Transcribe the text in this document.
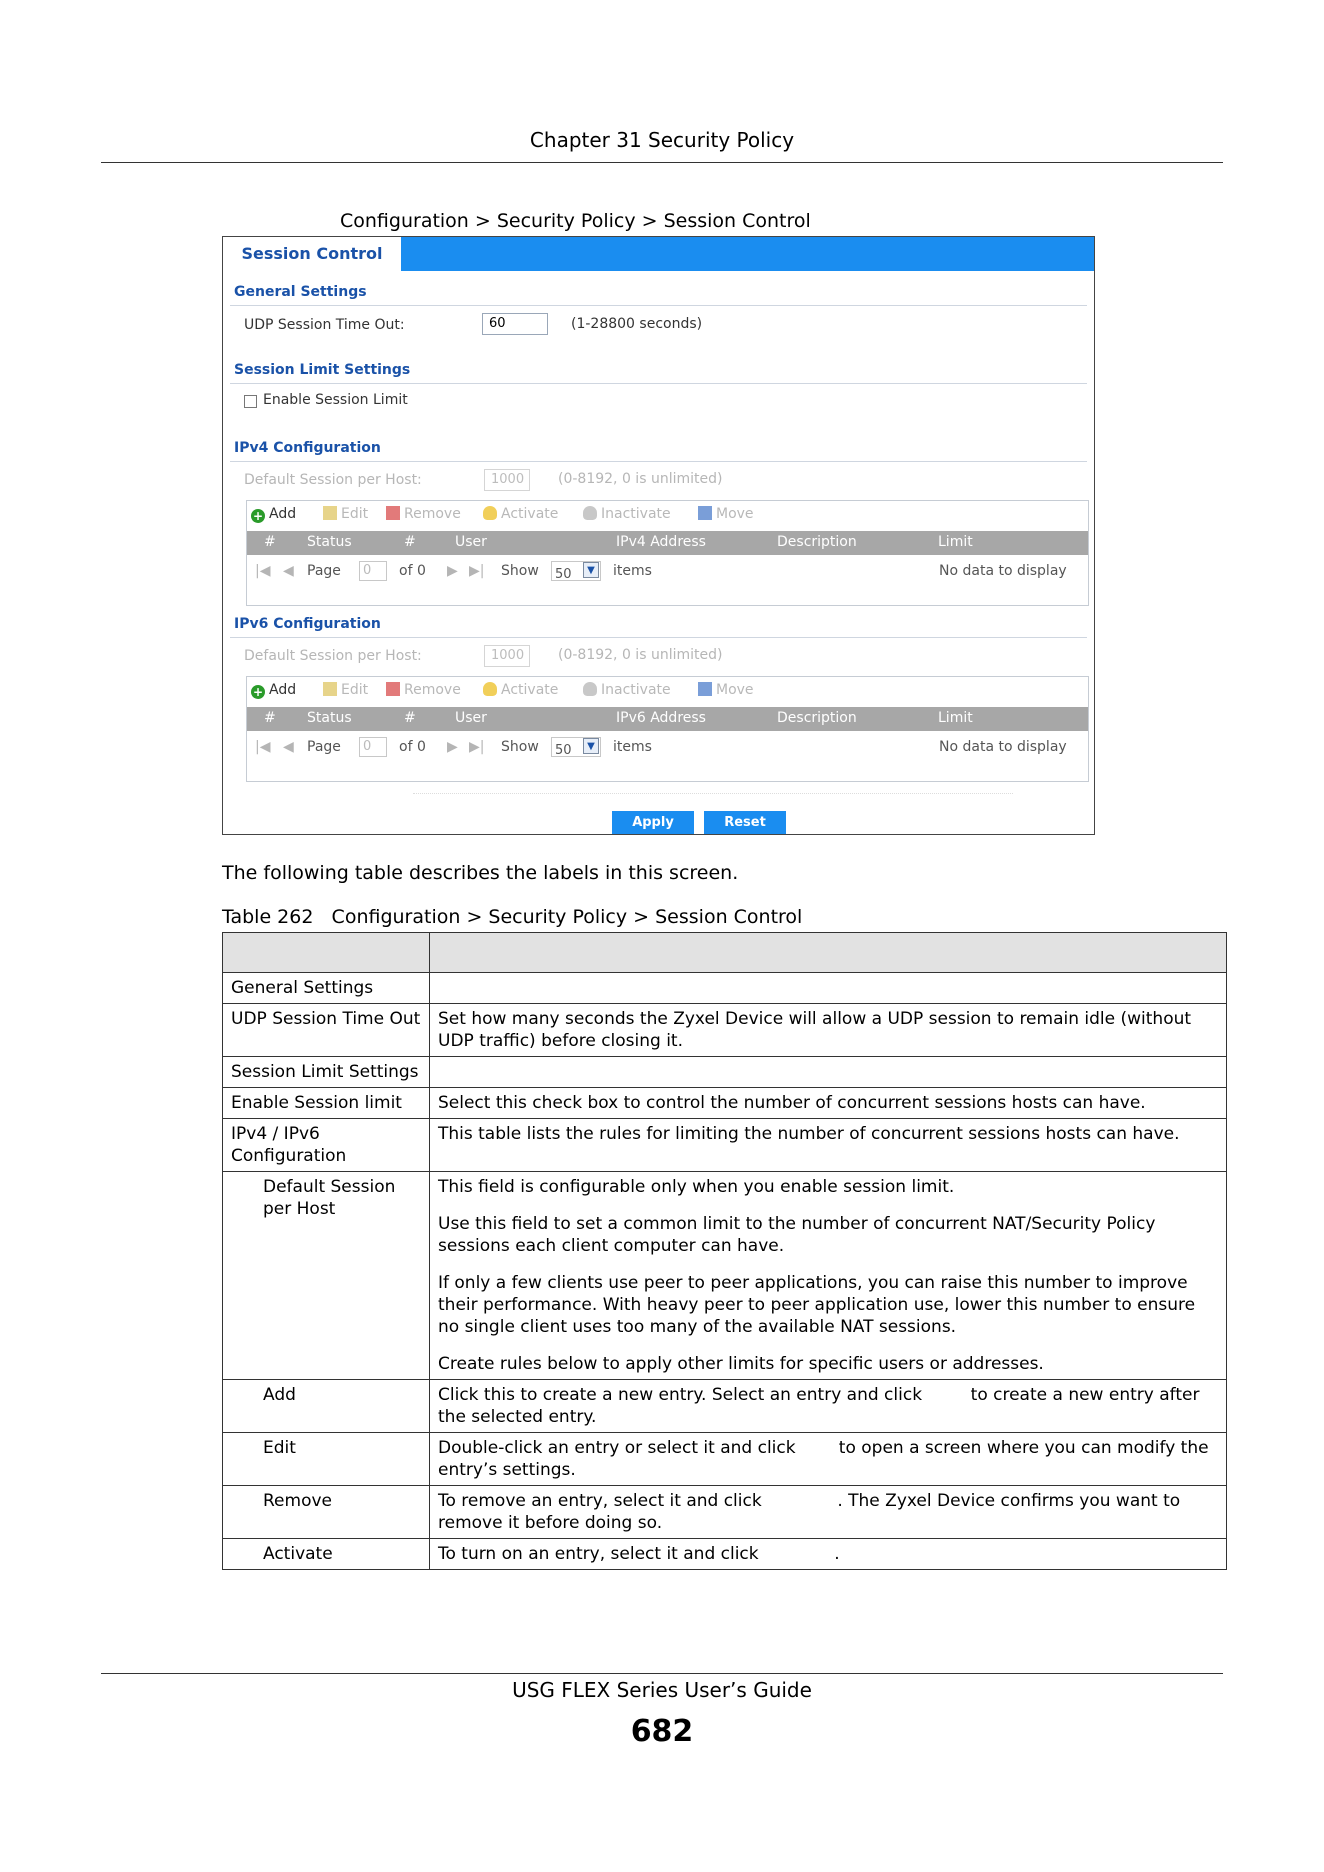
Chapter 31 Security Policy
Configuration > Security Policy > Session Control
Session Control
General Settings
UDP Session Time Out:	60	(1-28800 seconds)
Session Limit Settings
Enable Session Limit
IPv4 Configuration
Default Session per Host:	1000	(0-8192, 0 is unlimited)
+ Add	Edit	Remove	Activate	Inactivate	Move
# Status	#	User	IPv4 Address	Description	Limit
|◀ ◀ Page	0	of 0 ▶ ▶| Show 50	▼ items	No data to display
IPv6 Configuration
Default Session per Host:	1000	(0-8192, 0 is unlimited)
+ Add	Edit	Remove	Activate	Inactivate	Move
# Status	#	User	IPv6 Address	Description	Limit
|◀ ◀ Page	0	of 0 ▶ ▶| Show 50	▼ items	No data to display
Apply	Reset
The following table describes the labels in this screen.
Table 262   Configuration > Security Policy > Session Control

General Settings	
UDP Session Time Out	Set how many seconds the Zyxel Device will allow a UDP session to remain idle (without UDP traffic) before closing it.
Session Limit Settings	
Enable Session limit	Select this check box to control the number of concurrent sessions hosts can have.
IPv4 / IPv6 Configuration	This table lists the rules for limiting the number of concurrent sessions hosts can have.
Default Session per Host	This field is configurable only when you enable session limit.

Use this field to set a common limit to the number of concurrent NAT/Security Policy sessions each client computer can have.

If only a few clients use peer to peer applications, you can raise this number to improve their performance. With heavy peer to peer application use, lower this number to ensure no single client uses too many of the available NAT sessions.

Create rules below to apply other limits for specific users or addresses.

Add	Click this to create a new entry. Select an entry and click         to create a new entry after the selected entry.
Edit	Double-click an entry or select it and click        to open a screen where you can modify the entry’s settings.
Remove	To remove an entry, select it and click              . The Zyxel Device confirms you want to remove it before doing so.
Activate	To turn on an entry, select it and click              .
USG FLEX Series User’s Guide
682
